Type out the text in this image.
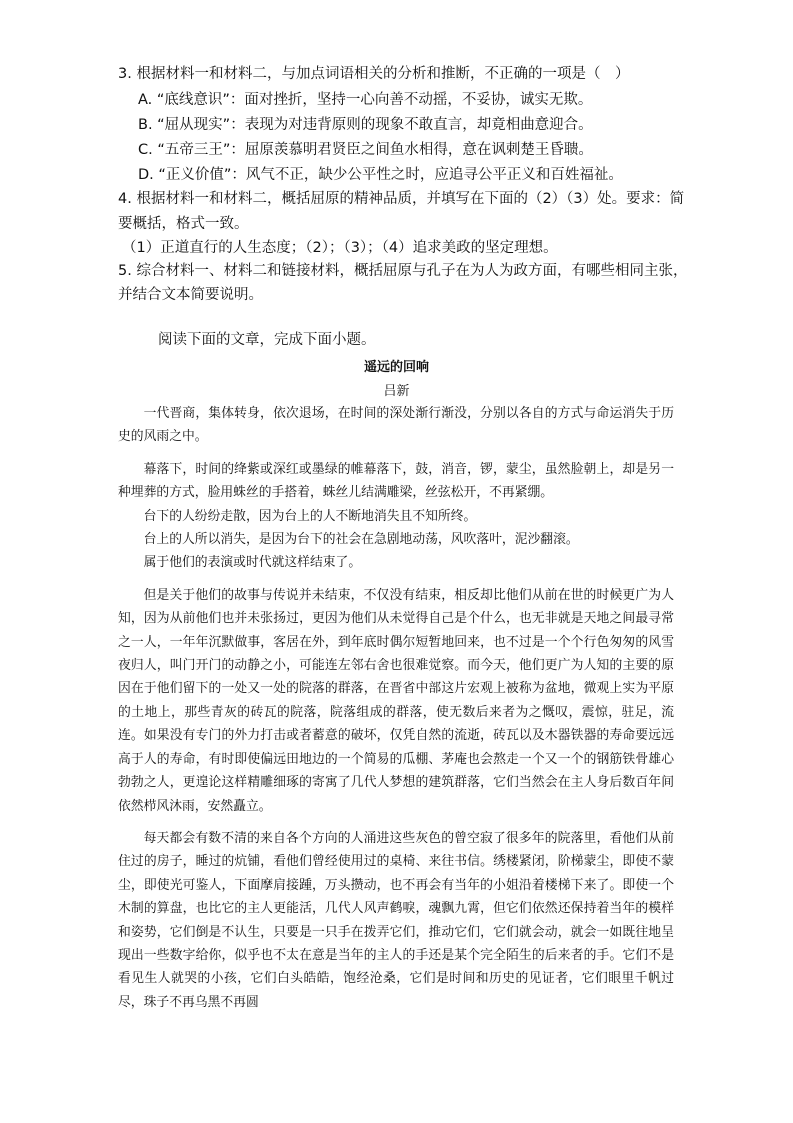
3. 根据材料一和材料二，与加点词语相关的分析和推断，不正确的一项是（　）
A. “底线意识”：面对挫折，坚持一心向善不动摇，不妥协，诚实无欺。
B. “屈从现实”：表现为对违背原则的现象不敢直言，却竟相曲意迎合。
C. “五帝三王”：屈原羡慕明君贤臣之间鱼水相得，意在讽刺楚王昏聩。
D. “正义价值”：风气不正，缺少公平性之时，应追寻公平正义和百姓福祉。
4. 根据材料一和材料二，概括屈原的精神品质，并填写在下面的（2）（3）处。要求：简
要概括，格式一致。
（1）正道直行的人生态度；（2）；（3）；（4）追求美政的坚定理想。
5. 综合材料一、材料二和链接材料，概括屈原与孔子在为人为政方面，有哪些相同主张，
并结合文本简要说明。
阅读下面的文章，完成下面小题。
遥远的回响
吕新

一代晋商，集体转身，依次退场，在时间的深处渐行渐没，分别以各自的方式与命运消失于历史的风雨之中。

幕落下，时间的绛紫或深红或墨绿的帷幕落下，鼓，消音，锣，蒙尘，虽然脸朝上，却是另一种埋葬的方式，脸用蛛丝的手搭着，蛛丝儿结满雕梁，丝弦松开，不再紧绷。

台下的人纷纷走散，因为台上的人不断地消失且不知所终。

台上的人所以消失，是因为台下的社会在急剧地动荡，风吹落叶，泥沙翻滚。

属于他们的表演或时代就这样结束了。

但是关于他们的故事与传说并未结束，不仅没有结束，相反却比他们从前在世的时候更广为人知，因为从前他们也并未张扬过，更因为他们从未觉得自己是个什么，也无非就是天地之间最寻常之一人，一年年沉默做事，客居在外，到年底时偶尔短暂地回来，也不过是一个个行色匆匆的风雪夜归人，叫门开门的动静之小，可能连左邻右舍也很难觉察。而今天，他们更广为人知的主要的原因在于他们留下的一处又一处的院落的群落，在晋省中部这片宏观上被称为盆地，微观上实为平原的土地上，那些青灰的砖瓦的院落，院落组成的群落，使无数后来者为之慨叹，震惊，驻足，流连。如果没有专门的外力打击或者蓄意的破坏，仅凭自然的流逝，砖瓦以及木器铁器的寿命要远远高于人的寿命，有时即使偏远田地边的一个简易的瓜棚、茅庵也会熬走一个又一个的钢筋铁骨雄心勃勃之人，更遑论这样精雕细琢的寄寓了几代人梦想的建筑群落，它们当然会在主人身后数百年间依然栉风沐雨，安然矗立。

每天都会有数不清的来自各个方向的人涌进这些灰色的曾空寂了很多年的院落里，看他们从前住过的房子，睡过的炕铺，看他们曾经使用过的桌椅、来往书信。绣楼紧闭，阶梯蒙尘，即使不蒙尘，即使光可鉴人，下面摩肩接踵，万头攒动，也不再会有当年的小姐沿着楼梯下来了。即使一个木制的算盘，也比它的主人更能活，几代人风声鹤唳，魂飘九霄，但它们依然还保持着当年的模样和姿势，它们倒是不认生，只要是一只手在拨弄它们，推动它们，它们就会动，就会一如既往地呈现出一些数字给你，似乎也不太在意是当年的主人的手还是某个完全陌生的后来者的手。它们不是看见生人就哭的小孩，它们白头皓皓，饱经沧桑，它们是时间和历史的见证者，它们眼里千帆过尽，珠子不再乌黑不再圆
